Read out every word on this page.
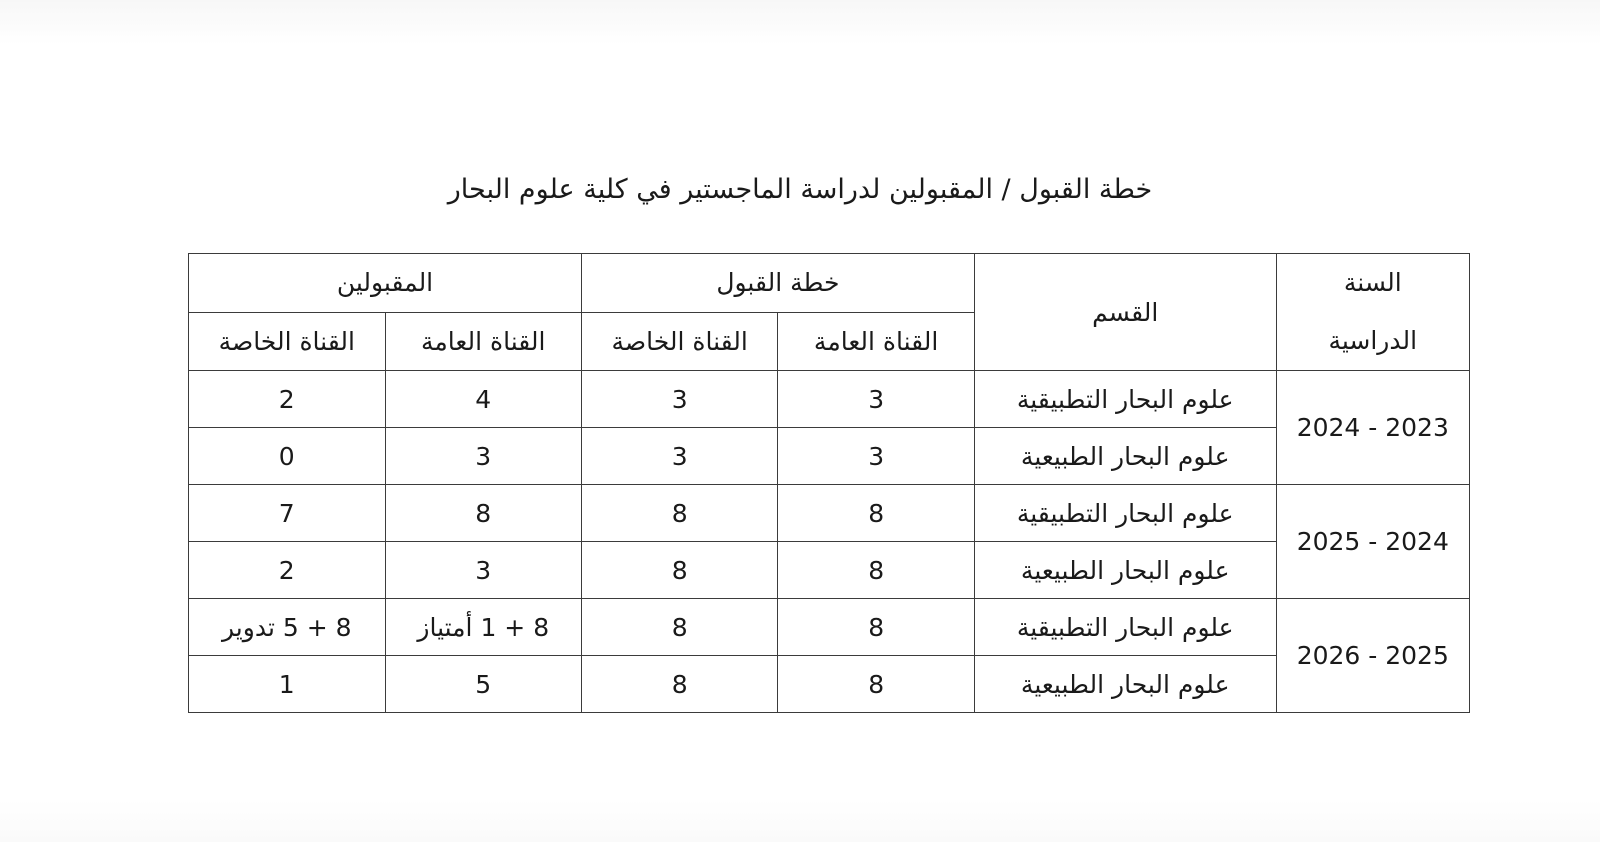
خطة القبول / المقبولين لدراسة الماجستير في كلية علوم البحار
السنة
الدراسية	القسم	خطة القبول		المقبولين	
		القناة العامة	القناة الخاصة	القناة العامة	القناة الخاصة
2024 - 2023	علوم البحار التطبيقية	3	3	4	2
	علوم البحار الطبيعية	3	3	3	0
2025 - 2024	علوم البحار التطبيقية	8	8	8	7
	علوم البحار الطبيعية	8	8	3	2
2026 - 2025	علوم البحار التطبيقية	8	8	8 + 1 أمتياز	8 + 5 تدوير
	علوم البحار الطبيعية	8	8	5	1
